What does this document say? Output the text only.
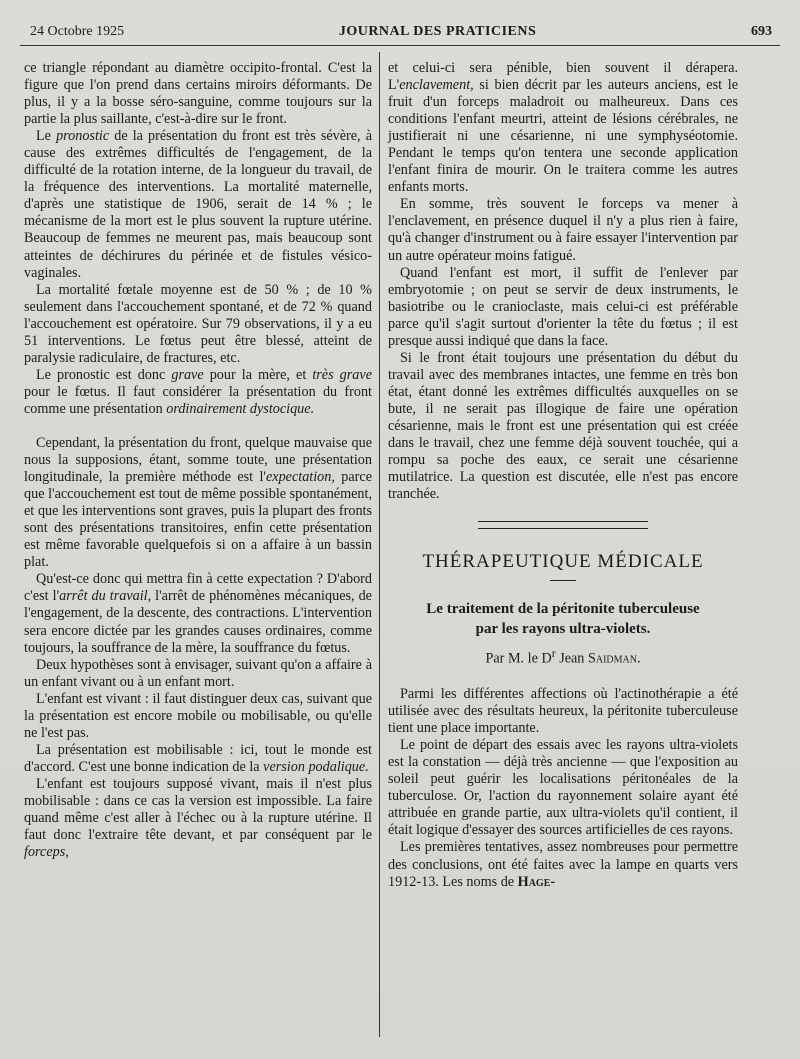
24 Octobre 1925	JOURNAL DES PRATICIENS	693

ce triangle répondant au diamètre occipito-frontal. C'est la figure que l'on prend dans certains miroirs déformants. De plus, il y a la bosse séro-sanguine, comme toujours sur la partie la plus saillante, c'est-à-dire sur le front.

Le pronostic de la présentation du front est très sévère, à cause des extrêmes difficultés de l'engagement, de la difficulté de la rotation interne, de la longueur du travail, de la fréquence des interventions. La mortalité maternelle, d'après une statistique de 1906, serait de 14 % ; le mécanisme de la mort est le plus souvent la rupture utérine. Beaucoup de femmes ne meurent pas, mais beaucoup sont atteintes de déchirures du périnée et de fistules vésico-vaginales.

La mortalité fœtale moyenne est de 50 % ; de 10 % seulement dans l'accouchement spontané, et de 72 % quand l'accouchement est opératoire. Sur 79 observations, il y a eu 51 interventions. Le fœtus peut être blessé, atteint de paralysie radiculaire, de fractures, etc.

Le pronostic est donc grave pour la mère, et très grave pour le fœtus. Il faut considérer la présentation du front comme une présentation ordinairement dystocique.

Cependant, la présentation du front, quelque mauvaise que nous la supposions, étant, somme toute, une présentation longitudinale, la première méthode est l'expectation, parce que l'accouchement est tout de même possible spontanément, et que les interventions sont graves, puis la plupart des fronts sont des présentations transitoires, enfin cette présentation est même favorable quelquefois si on a affaire à un bassin plat.

Qu'est-ce donc qui mettra fin à cette expectation ? D'abord c'est l'arrêt du travail, l'arrêt de phénomènes mécaniques, de l'engagement, de la descente, des contractions. L'intervention sera encore dictée par les grandes causes ordinaires, comme toujours, la souffrance de la mère, la souffrance du fœtus.

Deux hypothèses sont à envisager, suivant qu'on a affaire à un enfant vivant ou à un enfant mort.

L'enfant est vivant : il faut distinguer deux cas, suivant que la présentation est encore mobile ou mobilisable, ou qu'elle ne l'est pas.

La présentation est mobilisable : ici, tout le monde est d'accord. C'est une bonne indication de la version podalique.

L'enfant est toujours supposé vivant, mais il n'est plus mobilisable : dans ce cas la version est impossible. La faire quand même c'est aller à l'échec ou à la rupture utérine. Il faut donc l'extraire tête devant, et par conséquent par le forceps,

et celui-ci sera pénible, bien souvent il dérapera. L'enclavement, si bien décrit par les auteurs anciens, est le fruit d'un forceps maladroit ou malheureux. Dans ces conditions l'enfant meurtri, atteint de lésions cérébrales, ne justifierait ni une césarienne, ni une symphyséotomie. Pendant le temps qu'on tentera une seconde application l'enfant finira de mourir. On le traitera comme les autres enfants morts.

En somme, très souvent le forceps va mener à l'enclavement, en présence duquel il n'y a plus rien à faire, qu'à changer d'instrument ou à faire essayer l'intervention par un autre opérateur moins fatigué.

Quand l'enfant est mort, il suffit de l'enlever par embryotomie ; on peut se servir de deux instruments, le basiotribe ou le cranioclaste, mais celui-ci est préférable parce qu'il s'agit surtout d'orienter la tête du fœtus ; il est presque aussi indiqué que dans la face.

Si le front était toujours une présentation du début du travail avec des membranes intactes, une femme en très bon état, étant donné les extrêmes difficultés auxquelles on se bute, il ne serait pas illogique de faire une opération césarienne, mais le front est une présentation qui est créée dans le travail, chez une femme déjà souvent touchée, qui a rompu sa poche des eaux, ce serait une césarienne mutilatrice. La question est discutée, elle n'est pas encore tranchée.

THÉRAPEUTIQUE MÉDICALE
Le traitement de la péritonite tuberculeuse
par les rayons ultra-violets.
Par M. le $D^r$ Jean Saidman.

Parmi les différentes affections où l'actinothérapie a été utilisée avec des résultats heureux, la péritonite tuberculeuse tient une place importante.

Le point de départ des essais avec les rayons ultra-violets est la constation — déjà très ancienne — que l'exposition au soleil peut guérir les localisations péritonéales de la tuberculose. Or, l'action du rayonnement solaire ayant été attribuée en grande partie, aux ultra-violets qu'il contient, il était logique d'essayer des sources artificielles de ces rayons.

Les premières tentatives, assez nombreuses pour permettre des conclusions, ont été faites avec la lampe en quarts vers 1912-13. Les noms de Hage-
